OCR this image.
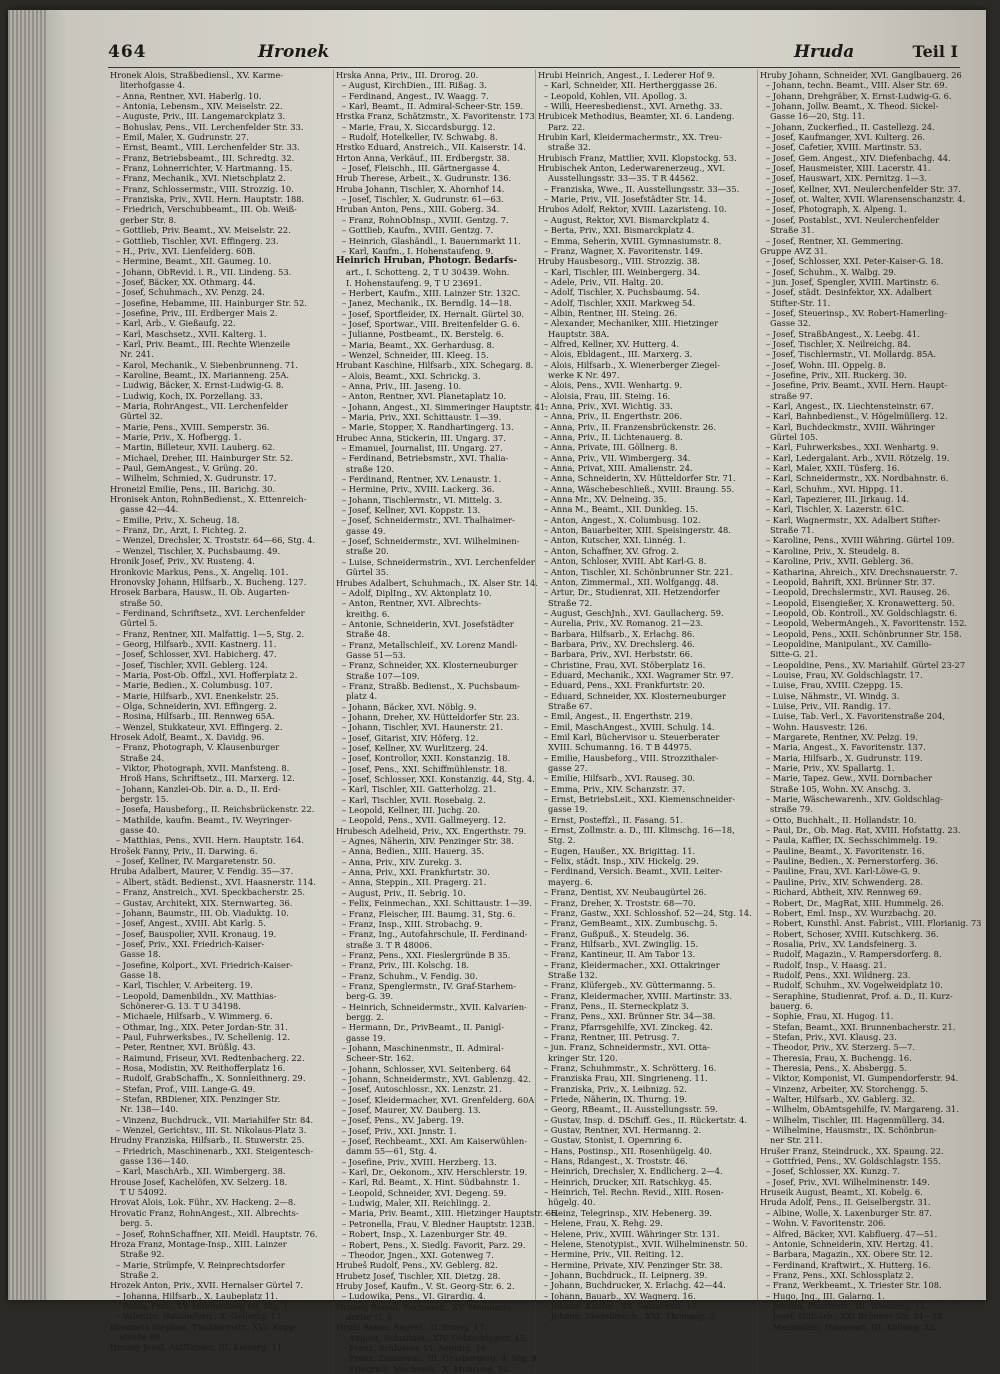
464	Hronek	Hruda	Teil I
Hronek Alois, Straßbediensl., XV. Karme-
literhofgasse 4.
– Anna, Rentner, XVI. Haberlg. 10.
– Antonia, Lebensm., XIV. Meiselstr. 22.
– Auguste, Priv., III. Langemarckplatz 3.
– Bohuslav, Pens., VII. Lerchenfelder Str. 33.
– Emil, Maler, X. Gudrunstr. 27.
– Ernst, Beamt., VIII. Lerchenfelder Str. 33.
– Franz, Betriebsbeamt., III. Schredtg. 32.
– Franz, Lohnerrichter, V. Hartmanng. 15.
– Franz, Mechanik., XVI. Nietschplatz 2.
– Franz, Schlossermstr., VIII. Strozzig. 10.
– Franziska, Priv., XVII. Hern. Hauptstr. 188.
– Friedrich, Verschubbeamt., III. Ob. Weiß-
gerber Str. 8.
– Gottlieb, Priv. Beamt., XV. Meiselstr. 22.
– Gottlieb, Tischler, XVI. Effingerg. 23.
– H., Priv., XVI. Lienfelderg. 60B.
– Hermine, Beamt., XII. Gaumeg. 10.
– Johann, ObRevid. i. R., VII. Lindeng. 53.
– Josef, Bäcker, XX. Othmarg. 44.
– Josef, Schuhmach., XV. Penzg. 24.
– Josefine, Hebamme, III. Hainburger Str. 52.
– Josefine, Priv., III. Erdberger Mais 2.
– Karl, Arb., V. Gießaufg. 22.
– Karl, Maschsetz., XVII. Kalterg. 1.
– Karl, Priv. Beamt., III. Rechte Wienzeile
Nr. 241.
– Karol, Mechanik., V. Siebenbrunneng. 71.
– Karoline, Beamt., IX. Marianneng. 25A.
– Ludwig, Bäcker, X. Ernst-Ludwig-G. 8.
– Ludwig, Koch, IX. Porzellang. 33.
– Maria, RohrAngest., VII. Lerchenfelder
Gürtel 32.
– Marie, Pens., XVIII. Semperstr. 36.
– Marie, Priv., X. Hofbergg. 1.
– Martin, Billeteur, XVII. Lauberg. 62.
– Michael, Dreher, III. Hainburger Str. 52.
– Paul, GemAngest., V. Grüng. 20.
– Wilhelm, Schmied, X. Gudrunstr. 17.
Hroneizl Emilie, Pens., III. Barichg. 30.
Hronisek Anton, RohnBedienst., X. Ettenreich-
gasse 42—44.
– Emilie, Priv., X. Scheug. 18.
– Franz, Dr., Arzt, I. Fichteg. 2.
– Wenzel, Drechsler, X. Troststr. 64—66, Stg. 4.
– Wenzel, Tischler, X. Puchsbaumg. 49.
Hronik Josef, Priv., XV. Rusteng. 4.
Hronkovic Markus, Pens., X. Angeliq. 101.
Hronovsky Johann, Hilfsarb., X. Bucheng. 127.
Hrosek Barbara, Hausw., II. Ob. Augarten-
straße 50.
– Ferdinand, Schriftsetz., XVI. Lerchenfelder
Gürtel 5.
– Franz, Rentner, XII. Malfattig. 1—5, Stg. 2.
– Georg, Hilfsarb., XVII. Kastnerg. 11.
– Josef, Schlosser, XVI. Habicherg. 47.
– Josef, Tischler, XVII. Geblerg. 124.
– Maria, Post-Ob. Offzl., XVI. Hofferplatz 2.
– Marie, Bedien., X. Columbusg. 107.
– Marie, Hilfsarb., XVI. Enenkelstr. 25.
– Olga, Schneiderin, XVI. Effingerg. 2.
– Rosina, Hilfsarb., III. Rennweg 65A.
– Wenzel, Stukkateur, XVI. Effingerg. 2.
Hrosek Adolf, Beamt., X. Davidg. 96.
– Franz, Photograph, V. Klausenburger
Straße 24.
– Viktor, Photograph, XVII. Manfsteng. 8.
Hroß Hans, Schriftsetz., III. Marxerg. 12.
– Johann, Kanzlei-Ob. Dir. a. D., II. Erd-
bergstr. 15.
– Josefa, Hausbeforg., II. Reichsbrückenstr. 22.
– Mathilde, kaufm. Beamt., IV. Weyringer-
gasse 40.
– Matthias, Pens., XVII. Hern. Hauptstr. 164.
Hrošek Fanny, Priv., II. Darwing. 6.
– Josef, Kellner, IV. Margaretenstr. 50.
Hruba Adalbert, Maurer, V. Fendig. 35—37.
– Albert, städt. Bedienst., XVI. Haasnerstr. 114.
– Franz, Anstreich., XVI. Speckbacherstr. 25.
– Gustav, Architekt, XIX. Sternwarteg. 36.
– Johann, Baumstr., III. Ob. Viaduktg. 10.
– Josef, Angest., XVIII. Abt Karlg. 5.
– Josef, Bauspolier, XVII. Kronaug. 19.
– Josef, Priv., XXI. Friedrich-Kaiser-
Gasse 18.
– Josefine, Kolport., XVI. Friedrich-Kaiser-
Gasse 18.
– Karl, Tischler, V. Arbeiterg. 19.
– Leopold, Damenbildn., XV. Matthias-
Schönerer-G. 13. T U 34198.
– Michaele, Hilfsarb., V. Wimmerg. 6.
– Othmar, Ing., XIX. Peter Jordan-Str. 31.
– Paul, Fuhrwerksbes., IV. Schellenig. 12.
– Peter, Rentner, XVI. Brüßlg. 43.
– Raimund, Friseur, XVI. Redtenbacherg. 22.
– Rosa, Modistin, XV. Reithofferplatz 16.
– Rudolf, GrabSchaffn., X. Sonnleithnerg. 29.
– Stefan, Prof., VIII. Lange-G. 49.
– Stefan, RBDiener, XIX. Penzinger Str.
Nr. 138—140.
– Vinzenz, Buchdruck., VII. Mariahilfer Str. 84.
– Wenzel, Gerichtsv., III. St. Nikolaus-Platz 3.
Hrudny Franziska, Hilfsarb., II. Stuwerstr. 25.
– Friedrich, Maschinenarb., XXI. Steigentesch-
gasse 136—140.
– Karl, MaschArb., XII. Wimbergerg. 38.
Hrouse Josef, Kachelöfen, XV. Selzerg. 18.
T U 54092.
Hrovat Alois, Lok. Führ., XV. Hackeng. 2—8.
Hrovatic Franz, RohnAngest., XII. Albrechts-
berg. 5.
– Josef, RohnSchaffner, XII. Meidl. Hauptstr. 76.
Hroza Franz, Montage-Insp., XIII. Lainzer
Straße 92.
– Marie, Strümpfe, V. Reinprechtsdorfer
Straße 2.
Hrozek Anton, Priv., XVII. Hernalser Gürtel 7.
– Johanna, Hilfsarb., X. Laubeplatz 11.
– Paula, Frau, XV. Hühnersteig 60, Stg. 1.
– Valentin, Hausbeforg., X. Gellertg. 17.
Hroznata Stephan, Tischlermstr., XVI. Kopp-
straße 96.
Hrozny Josef, AbtRatsler, III. Keinerg. 11.
Hrska Anna, Priv., III. Drorog. 20.
– August, KirchDien., III. Rißag. 3.
– Ferdinand, Angest., IV. Waagg. 7.
– Karl, Beamt., II. Admiral-Scheer-Str. 159.
Hrstka Franz, Schätzmstr., X. Favoritenstr. 173
– Marie, Frau, X. Siccardsburgg. 12.
– Rudolf, Hotelkeller, IV. Schwabg. 8.
Hrstko Eduard, Anstreich., VII. Kaiserstr. 14.
Hrton Anna, Verkäuf., III. Erdbergstr. 38.
– Josef, Fleischh., III. Gärtnergasse 4.
Hrub Therese, Arbeit., X. Gudrunstr. 136.
Hruba Johann, Tischler, X. Ahornhof 14.
– Josef, Tischler, X. Gudrunstr. 61—63.
Hruban Anton, Pens., XIII. Goberg. 34.
– Franz, RohnObInsp., XVIII. Gentzg. 7.
– Gottlieb, Kaufm., XVIII. Gentzg. 7.
– Heinrich, Glashändl., I. Bauernmarkt 11.
– Karl, Kaufm., I. Hohenstaufeng. 9.
Heinrich Hruban, Photogr. Bedarfs-
art., I. Schotteng. 2, T U 30439. Wohn.
I. Hohenstaufeng. 9, T U 23691.
– Herbert, Kaufm., XIII. Lainzer Str. 132C.
– Janez, Mechanik., IX. Berndlg. 14—18.
– Josef, Sportfleider, IX. Hernalt. Gürtel 30.
– Josef, Sportwar., VIII. Breitenfelder G. 6.
– Julianne, Postbeamt., IX. Berstelg. 6.
– Maria, Beamt., XX. Gerhardusg. 8.
– Wenzel, Schneider, III. Kleeg. 15.
Hrubant Kaschine, Hilfsarb., XIX. Schegarg. 8.
– Alois, Beamt., XXI. Schrickg. 3.
– Anna, Priv., III. Jaseng. 10.
– Anton, Rentner, XVI. Planetaplatz 10.
– Johann, Angest., XI. Simmeringer Hauptstr. 41.
– Maria, Priv., XXI. Schittaustr. 1—39.
– Marie, Stopper, X. Randhartingerg. 13.
Hrubec Anna, Stickerin, III. Ungarg. 37.
– Emanuel, Journalist, III. Ungarg. 27.
– Ferdinand, Betriebsmstr., XVI. Thalia-
straße 120.
– Ferdinand, Rentner, XV. Lenaustr. 1.
– Hermine, Priv., XVIII. Lackerg. 36.
– Johann, Tischlermstr., VI. Mittelg. 3.
– Josef, Kellner, XVI. Koppstr. 13.
– Josef, Schneidermstr., XVI. Thalhaimer-
gasse 49.
– Josef, Schneidermstr., XVI. Wilhelminen-
straße 20.
– Luise, Schneidermstrin., XVI. Lerchenfelder
Gürtel 35.
Hrubes Adalbert, Schuhmach., IX. Alser Str. 14.
– Adolf, DiplIng., XV. Aktonplatz 10.
– Anton, Rentner, XVI. Albrechts-
kreithg. 6.
– Antonie, Schneiderin, XVI. Josefstädter
Straße 48.
– Franz, Metallschleif., XV. Lorenz Mandl-
Gasse 51—53.
– Franz, Schneider, XX. Klosterneuburger
Straße 107—109.
– Franz, Straßb. Bedienst., X. Puchsbaum-
platz 4.
– Johann, Bäcker, XVI. Nöblg. 9.
– Johann, Dreher, XV. Hütteldorfer Str. 23.
– Johann, Tischler, XVI. Haunerstr. 21.
– Josef, Gitarist, XIV. Höferg. 12.
– Josef, Kellner, XV. Wurlitzerg. 24.
– Josef, Kontrollor, XXII. Konstanzig. 18.
– Josef, Pens., XXI. Schiffmühlenstr. 18.
– Josef, Schlosser, XXI. Konstanzig. 44, Stg. 4.
– Karl, Tischler, XII. Gatterholzg. 21.
– Karl, Tischler, XVII. Rosebaig. 2.
– Leopold, Kellner, III. Juchg. 20.
– Leopold, Pens., XVII. Gallmeyerg. 12.
Hrubesch Adelheid, Priv., XX. Engerthstr. 79.
– Agnes, Näherin, XIV. Penzinger Str. 38.
– Anna, Bedien., XIII. Hauerg. 35.
– Anna, Priv., XIV. Zurekg. 3.
– Anna, Priv., XXI. Frankfurtstr. 30.
– Anna, Steppin., XII. Pragerg. 21.
– August, Priv., II. Sebrig. 10.
– Felix, Feinmechan., XXI. Schittaustr. 1—39.
– Franz, Fleischer, III. Baumg. 31, Stg. 6.
– Franz, Insp., XIII. Strobachg. 9.
– Franz, Ing., Autofahrschule, II. Ferdinand-
straße 3. T R 48006.
– Franz, Pens., XXI. Fieslergründe B 35.
– Franz, Priv., III. Kolschg. 18.
– Franz, Schuhm., V. Fendig. 30.
– Franz, Spenglermstr., IV. Graf-Starhem-
berg-G. 39.
– Heinrich, Schneidermstr., XVII. Kalvarien-
bergg. 2.
– Hermann, Dr., PrivBeamt., II. Panigl-
gasse 19.
– Johann, Maschinenmstr., II. Admiral-
Scheer-Str. 162.
– Johann, Schlosser, XVI. Seitenberg. 64
– Johann, Schneidermstr., XVI. Gablenzg. 42.
– Josef, Autoschlossr., XX. Lenzstr. 21.
– Josef, Kleidermacher, XVI. Grenfelderg. 60A
– Josef, Maurer, XV. Dauberg. 13.
– Josef, Pens., XV. Jaberg. 19.
– Josef, Priv., XXI. Jnnstr. 1.
– Josef, Rechbeamt., XXI. Am Kaiserwühlen-
damm 55—61, Stg. 4.
– Josefine, Priv., XVIII. Herzberg. 13.
– Karl, Dr., Oekonom., XIV. Herschlerstr. 19.
– Karl, Rd. Beamt., X. Hint. Südbahnstr. 1.
– Leopold, Schneider, XVI. Degeng. 59.
– Ludwig, Maler, XII. Reichlingg. 2.
– Maria, Priv. Beamt., XIII. Hietzinger Hauptstr. 66.
– Petronella, Frau, V. Bledner Hauptstr. 123B.
– Robert, Insp., X. Lazenburger Str. 49.
– Robert, Pens., X. Siedlg. Favorit, Parz. 29.
– Theodor, Jngen., XXI. Gotenweg 7.
Hrubeš Rudolf, Pens., XV. Geblerg. 82.
Hrubetz Josef, Tischler, XII. Dietzg. 28.
Hruby Josef, Kaufm., V. St. Georg-Str. 6. 2.
– Ludowika, Pens., VI. Girardig. 4.
Hrubeq Rudolf, Fuchweid., XV. Meinharts-
dorfer G. 4.
Hrubi Anton, Angest., II. Ennsg. 17.
– August, Schriftset., XIV. Goldschlagstr. 45.
– Franz, Schlosser, VI. Aegidig. 16.
– Franz, Zimmerm., III. Grasbergerg. 4, Stg. 9.
– Friedrich, Mechanik., X. Muhreng. 52.
Hrubi Heinrich, Angest., I. Lederer Hof 9.
– Karl, Schneider, XII. Hertherggasse 26.
– Leopold, Kohlen, VII. Apollog. 3.
– Willi, Heeresbedienst., XVI. Arnethg. 33.
Hrubicek Methodius, Beamter, XI. 6. Landeng.
Parz. 22.
Hrubin Karl, Kleidermachermstr., XX. Treu-
straße 32.
Hrubisch Franz, Mattlier, XVII. Klopstockg. 53.
Hrubischek Anton, Lederwarenerzeug., XVI.
Ausstellungsstr. 33—35. T R 44562.
– Franziska, Wwe., II. Ausstellungsstr. 33—35.
– Marie, Priv., VII. Josefstädter Str. 14.
Hrubos Adolf, Rektor, XVIII. Lazaristeng. 10.
– August, Rektor, XVI. Bismarckplatz 4.
– Berta, Priv., XXI. Bismarckplatz 4.
– Emma, Seherin, XVIII. Gymnasiumstr. 8.
– Franz, Wagner, X. Favoritenstr. 149.
Hruby Hausbesorg., VIII. Strozzig. 38.
– Karl, Tischler, III. Weinbergerg. 34.
– Adele, Priv., VII. Haltg. 20.
– Adolf, Tischler, X. Puchsbaumg. 54.
– Adolf, Tischler, XXII. Markweg 54.
– Albin, Rentner, III. Steing. 26.
– Alexander, Mechaniker, XIII. Hietzinger
Hauptstr. 38A.
– Alfred, Kellner, XV. Hutterg. 4.
– Alois, Ebldagent., III. Marxerg. 3.
– Alois, Hilfsarb., X. Wienerberger Ziegel-
werke K Nr. 497.
– Alois, Pens., XVII. Wenhartg. 9.
– Aloisia, Frau, III. Steing. 16.
– Anna, Priv., XVI. Wichtig. 33.
– Anna, Priv., II. Engerthstr. 206.
– Anna, Priv., II. Franzensbrückenstr. 26.
– Anna, Priv., II. Lichtenauerg. 8.
– Anna, Private, III. Göllnerg. 8.
– Anna, Priv., VII. Wimbergerg. 34.
– Anna, Privat, XIII. Amalienstr. 24.
– Anna, Schneiderin, XV. Hütteldorfer Str. 71.
– Anna, Wäschebeschließ., XVIII. Braung. 55.
– Anna Mr., XV. Delneing. 35.
– Anna M., Beamt., XII. Dunkleg. 15.
– Anton, Angest., X. Columbusg. 102.
– Anton, Bauarbeiter, XIII. Speisingerstr. 48.
– Anton, Kutscher, XXI. Linnég. 1.
– Anton, Schaffner, XV. Gfrog. 2.
– Anton, Schloser, XVIII. Abt Karl-G. 8.
– Anton, Tischler, XI. Schönbrunner Str. 221.
– Anton, Zimmermal., XII. Wolfgangg. 48.
– Artur, Dr., Studienrat, XII. Hetzendorfer
Straße 72.
– August, GeschJnh., XVI. Gaullacherg. 59.
– Aurelia, Priv., XV. Romanog. 21—23.
– Barbara, Hilfsarb., X. Erlachg. 86.
– Barbara, Priv., XV. Drechslerg. 46.
– Barbara, Priv., XVI. Herbststr. 66.
– Christine, Frau, XVI. Stöberplatz 16.
– Eduard, Mechanik., XXI. Wagramer Str. 97.
– Eduard, Pens., XXI. Frankfurtstr. 20.
– Eduard, Schneider, XX. Klosterneuburger
Straße 67.
– Emil, Angest., II. Engerthstr. 219.
– Emil, MaschAngest., XVIII. Schulg. 14.
– Emil Karl, Büchervisor u. Steuerberater
XVIII. Schumanng. 16. T B 44975.
– Emilie, Hausbeforg., VIII. Strozzithaler-
gasse 27.
– Emilie, Hilfsarb., XVI. Rauseg. 30.
– Emma, Priv., XIV. Schanzstr. 37.
– Ernst, BetriebsLeit., XXI. Kiemenschneider-
gasse 19.
– Ernst, Posteffzl., II. Fasang. 51.
– Ernst, Zollmstr. a. D., III. Klimschg. 16—18,
Stg. 2.
– Eugen, Haußer., XX. Brigittag. 11.
– Felix, städt. Insp., XIV. Hickelg. 29.
– Ferdinand, Versich. Beamt., XVII. Leiter-
mayerg. 6.
– Franz, Dentist, XV. Neubaugürtel 26.
– Franz, Dreher, X. Troststr. 68—70.
– Franz, Gastw., XXI. Schlosshof. 52—24, Stg. 14.
– Franz, GemBeamt., XIX. Zumbuschg. 5.
– Franz, Gußpuß., X. Steudelg. 36.
– Franz, Hilfsarb., XVI. Zwinglig. 15.
– Franz, Kantineur, II. Am Tabor 13.
– Franz, Kleidermacher., XXI. Ottakringer
Straße 132.
– Franz, Klüfergeb., XV. Güttermanng. 5.
– Franz, Kleidermacher, XVIII. Martinstr. 33.
– Franz, Pens., II. Sterneckplatz 3.
– Franz, Pens., XXI. Brünner Str. 34—38.
– Franz, Pfarrsgehilfe, XVI. Zinckeg. 42.
– Franz, Rentner, III. Petrusg. 7.
– jun. Franz, Schneidermstr., XVI. Otta-
kringer Str. 120.
– Franz, Schuhmmstr., X. Schrötterg. 16.
– Franziska Frau, XII. Singrieneng. 11.
– Franziska, Priv., X. Leibnizg. 52.
– Friede, Näherin, IX. Thurng. 19.
– Georg, RBeamt., II. Ausstellungsstr. 59.
– Gustav, Insp. d. DSchiff. Ges., II. Rückertstr. 4.
– Gustav, Rentner, XVI. Hermanng. 2.
– Gustav, Stonist, I. Opernring 6.
– Hans, Postinsp., XII. Rosenhügelg. 40.
– Hans, Rdangest., X. Troststr. 46.
– Heinrich, Drechsler, X. Endlicherg. 2—4.
– Heinrich, Drucker, XII. Ratschkyg. 45.
– Heinrich, Tel. Rechn. Revid., XIII. Rosen-
hügelg. 40.
– Heinz, Telegrinsp., XIV. Hebenerg. 39.
– Helene, Frau, X. Rehg. 29.
– Helene, Priv., XVIII. Währinger Str. 131.
– Helene, Stenotypist., XVII. Wilhelminenstr. 50.
– Hermine, Priv., VII. Reiting. 12.
– Hermine, Private, XIV. Penzinger Str. 38.
– Johann, Buchdruck., II. Leipnerg. 39.
– Johann, Buchdrucker, X. Erlachg. 42—44.
– Johann, Bauarb., XV. Wagnerg. 16.
– Johann, Kaufm., XX. Salzachstr. 17.
– Johann, Modellmach., XXI. Thomasg. 2.
Hruby Johann, Schneider, XVI. Ganglbauerg. 26
– Johann, techn. Beamt., VIII. Alser Str. 69.
– Johann, Drehgräber, X. Ernst-Ludwig-G. 6.
– Johann, Jollw. Beamt., X. Theod. Sickel-
Gasse 16—20, Stg. 11.
– Johann, Zuckerfied., II. Castellezg. 24.
– Josef, Kaufmanger, XVI. Kulterg. 26.
– Josef, Cafetier, XVIII. Martinstr. 53.
– Josef, Gem. Angest., XIV. Diefenbachg. 44.
– Josef, Hausmeister, XIII. Lacerstr. 41.
– Josef, Hauswart, XIX. Pernitzg. 1—3.
– Josef, Kellner, XVI. Neulerchenfelder Str. 37.
– Josef, ot. Walter, XVII. Wlarensenschanzstr. 4.
– Josef, Photograph, X. Alpeng. 1.
– Josef, Postablst., XVI. Neulerchenfelder
Straße 31.
– Josef, Rentner, XI. Gemmering.
Gruppe AVZ 31.
– Josef, Schlosser, XXI. Peter-Kaiser-G. 18.
– Josef, Schuhm., X. Walbg. 29.
– jun. Josef, Spengler, XVIII. Martinstr. 6.
– Josef, städt. Desinfektor, XX. Adalbert
Stifter-Str. 11.
– Josef, Steuerinsp., XV. Robert-Hamerling-
Gasse 32.
– Josef, StraßbAngest., X. Leebg. 41.
– Josef, Tischler, X. Neilreichg. 84.
– Josef, Tischlermstr., VI. Mollardg. 85A.
– Josef, Wohn. III. Oppelg. 8.
– Josefine, Priv., XII. Ruckerg. 30.
– Josefine, Priv. Beamt., XVII. Hern. Haupt-
straße 97.
– Karl, Angest., IX. Liechtensteinstr. 67.
– Karl, Bahnbedienst., V. Högelmüllerg. 12.
– Karl, Buchdeckmstr., XVIII. Währinger
Gürtel 105.
– Karl, Fuhrwerksbes., XXI. Wenhartg. 9.
– Karl, Ledergalant. Arb., XVII. Rötzelg. 19.
– Karl, Maler, XXII. Tüsferg. 16.
– Karl, Schneidermstr., XX. Nordbahnstr. 6.
– Karl, Schuhm., XVI. Hippg. 11.
– Karl, Tapezierer, III. Jirkaug. 14.
– Karl, Tischler, X. Lazerstr. 61C.
– Karl, Wagnermstr., XX. Adalbert Stifter-
Straße 71.
– Karoline, Pens., XVIII Währing. Gürtel 109.
– Karoline, Priv., X. Steudelg. 8.
– Karoline, Priv., XVII. Geblerg. 36.
– Katharina, Ahreich., XIV. Drechsnauerstr. 7.
– Leopold, Bahrift, XXI. Brünner Str. 37.
– Leopold, Drechslermstr., XVI. Rauseg. 26.
– Leopold, Eisengießer, X. Kronawetterg. 50.
– Leopold, Ob. Kontroll., XV. Goldschlagstr. 6.
– Leopold, WebermAngeh., X. Favoritenstr. 152.
– Leopold, Pens., XXII. Schönbrunner Str. 158.
– Leopoldine, Manipulant., XV. Camillo-
Sitte-G. 21.
– Leopoldine, Pens., XV. Mariahilf. Gürtel 23-27
– Louise, Frau, XV. Goldschlagstr. 17.
– Luise, Frau, XVIII. Czeppg. 15.
– Luise, Nähmstr., VI. Windg. 3.
– Luise, Priv., VII. Randig. 17.
– Luise, Tab. Verl., X. Favoritenstraße 204,
– Wohn. Hausvestr. 126.
– Margarete, Rentner, XV. Pelzg. 19.
– Maria, Angest., X. Favoritenstr. 137.
– Maria, Hilfsarb., X. Gudrunstr. 119.
– Marie, Priv., XV. Spallartg. 1.
– Marie, Tapez. Gew., XVII. Dornbacher
Straße 105, Wohn. XV. Anschg. 3.
– Marie, Wäschewarenh., XIV. Goldschlag-
straße 79.
– Otto, Buchhalt., II. Hollandstr. 10.
– Paul, Dr., Ob. Mag. Rat, XVIII. Hofstattg. 23.
– Paula, Kaffier, IX. Sechsschimmelg. 19.
– Pauline, Beamt., X. Favoritenstr. 16.
– Pauline, Bedien., X. Pernerstorferg. 36.
– Pauline, Frau, XVI. Karl-Löwe-G. 9.
– Pauline, Priv., XIV. Schwenderg. 28.
– Richard, Abtheit, XIV. Rennweg 69.
– Robert, Dr., MagRat, XIII. Hummelg. 26.
– Robert, Eml. Insp., XV. Wurzbachg. 20.
– Robert, Kunsthl. Anst. Fabrist., VIII. Florianig. 73
– Robert, Schoser, XVIII. Kutschkerg. 36.
– Rosalia, Priv., XV. Landsfeinerg. 3.
– Rudolf, Magazin., V. Rampersdorferg. 8.
– Rudolf, Insp., V. Haasg. 21.
– Rudolf, Pens., XXI. Wildnerg. 23.
– Rudolf, Schuhm., XV. Vogelweidplatz 10.
– Seraphine, Studienrat, Prof. a. D., II. Kurz-
bauerg. 6.
– Sophie, Frau, XI. Hugog. 11.
– Stefan, Beamt., XXI. Brunnenbacherstr. 21.
– Stefan, Priv., XVI. Klausg. 23.
– Theodor, Priv., XV. Sterzerg. 5—7.
– Theresia, Frau, X. Buchengg. 16.
– Theresia, Pens., X. Absbergg. 5.
– Viktor, Komponist, VI. Gumpendorferstr. 94.
– Vinzenz, Arbeiter, XV. Storchengg. 5.
– Walter, Hilfsarb., XV. Gablerg. 32.
– Wilhelm, ObAmtsgehilfe, IV. Margareng. 31.
– Wilhelm, Tischler, III. Hagenmüllerg. 34.
– Wilhelmine, Hausmstr., IX. Schönbrun-
ner Str. 211.
Hrušer Franz, Steindruck., XX. Spaung. 22.
– Gottfried, Pens., XV. Goldschlagstr. 155.
– Josef, Schlosser, XX. Kunzg. 7.
– Josef, Priv., XVI. Wilhelminenstr. 149.
Hruseik August, Beamt., XI. Kobelg. 6.
Hruda Adolf, Pens., II. Geiselbergstr. 31.
– Albine, Wolle, X. Laxenburger Str. 87.
– Wohn. V. Favoritenstr. 206.
– Alfred, Bäcker, XVI. Kabfluerg. 47—51.
– Antonie, Schneiderin, XIV. Hertzg. 41.
– Barbara, Magazin., XX. Obere Str. 12.
– Ferdinand, Kraftwirt., X. Hutterg. 16.
– Franz, Pens., XXI. Schlossplatz 2.
– Franz, Werkbeamt., X. Triester Str. 108.
– Hugo, Jng., III. Galarng. 1.
– Johann, Pfarrmstr., III. Wiesteng. 11.
– Josef, Hilfsarb., XXI Brünner Str. 34—38.
– Maximilian, Hauswart, III. Kolleng. 22.
